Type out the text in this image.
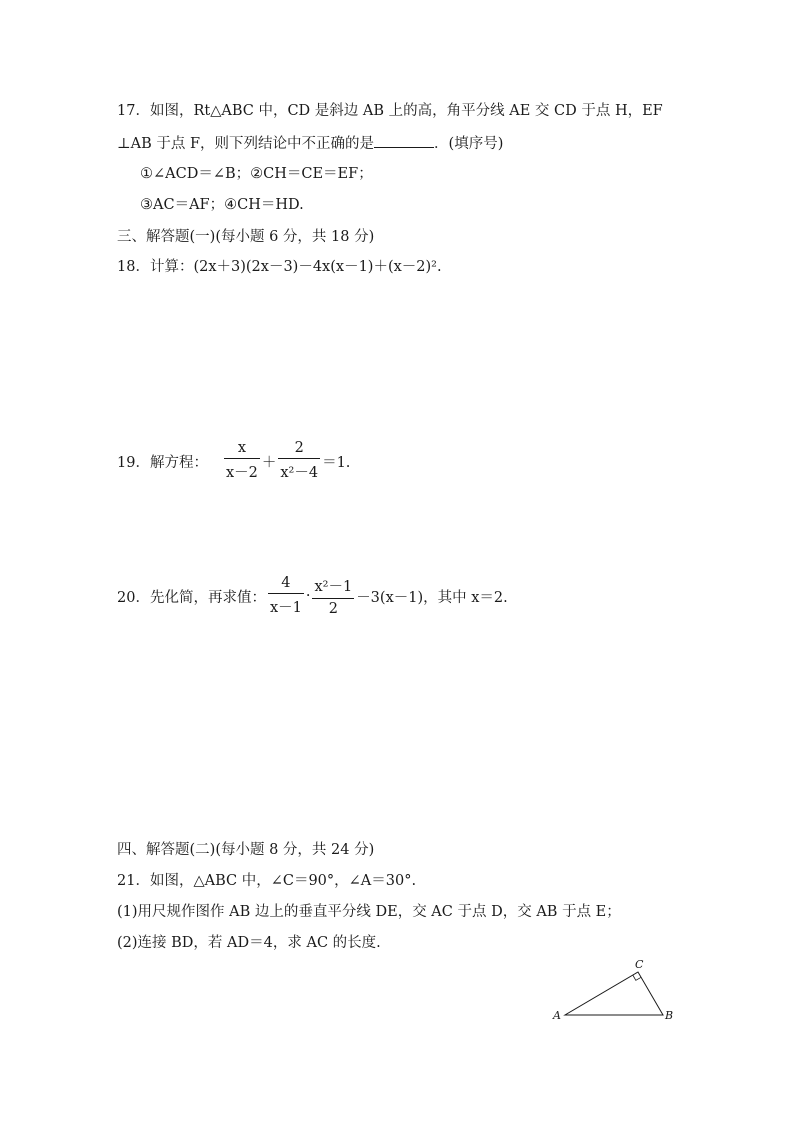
17．如图，Rt△ABC 中，CD 是斜边 AB 上的高，角平分线 AE 交 CD 于点 H，EF
⊥AB 于点 F，则下列结论中不正确的是	．(填序号)
①∠ACD＝∠B；②CH＝CE＝EF；
③AC＝AF；④CH＝HD.
三、解答题(一)(每小题 6 分，共 18 分)
18．计算：(2x＋3)(2x－3)－4x(x－1)＋(x－2)².
19．解方程： $\frac{x}{x-2} + \frac{2}{\text{x²－4}} =1$.
20．先化简，再求值： $\frac{4}{x-1} \cdot \frac{\text{x²－1}}{2} -3(x-1)$，其中 x＝2.
四、解答题(二)(每小题 8 分，共 24 分)
21．如图，△ABC 中，∠C＝90°，∠A＝30°.
(1)用尺规作图作 AB 边上的垂直平分线 DE，交 AC 于点 D，交 AB 于点 E；
(2)连接 BD，若 AD＝4，求 AC 的长度.
A	B
C
